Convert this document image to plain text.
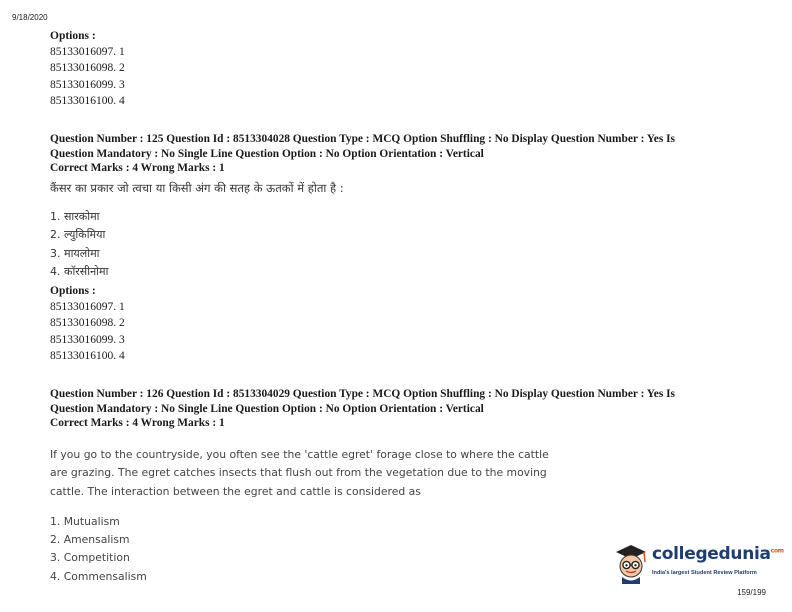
9/18/2020
Options :
85133016097. 1
85133016098. 2
85133016099. 3
85133016100. 4
Question Number : 125 Question Id : 8513304028 Question Type : MCQ Option Shuffling : No Display Question Number : Yes Is
Question Mandatory : No Single Line Question Option : No Option Orientation : Vertical
Correct Marks : 4 Wrong Marks : 1
कैंसर का प्रकार जो त्वचा या किसी अंग की सतह के ऊतकों में होता है :
1. सारकोमा
2. ल्युकिमिया
3. मायलोमा
4. कॉरसीनोमा
Options :
85133016097. 1
85133016098. 2
85133016099. 3
85133016100. 4
Question Number : 126 Question Id : 8513304029 Question Type : MCQ Option Shuffling : No Display Question Number : Yes Is
Question Mandatory : No Single Line Question Option : No Option Orientation : Vertical
Correct Marks : 4 Wrong Marks : 1
If you go to the countryside, you often see the 'cattle egret' forage close to where the cattle
are grazing. The egret catches insects that flush out from the vegetation due to the moving
cattle. The interaction between the egret and cattle is considered as
1. Mutualism
2. Amensalism
3. Competition
4. Commensalism
collegedunia$^{com}$
India's largest Student Review Platform
159/199
